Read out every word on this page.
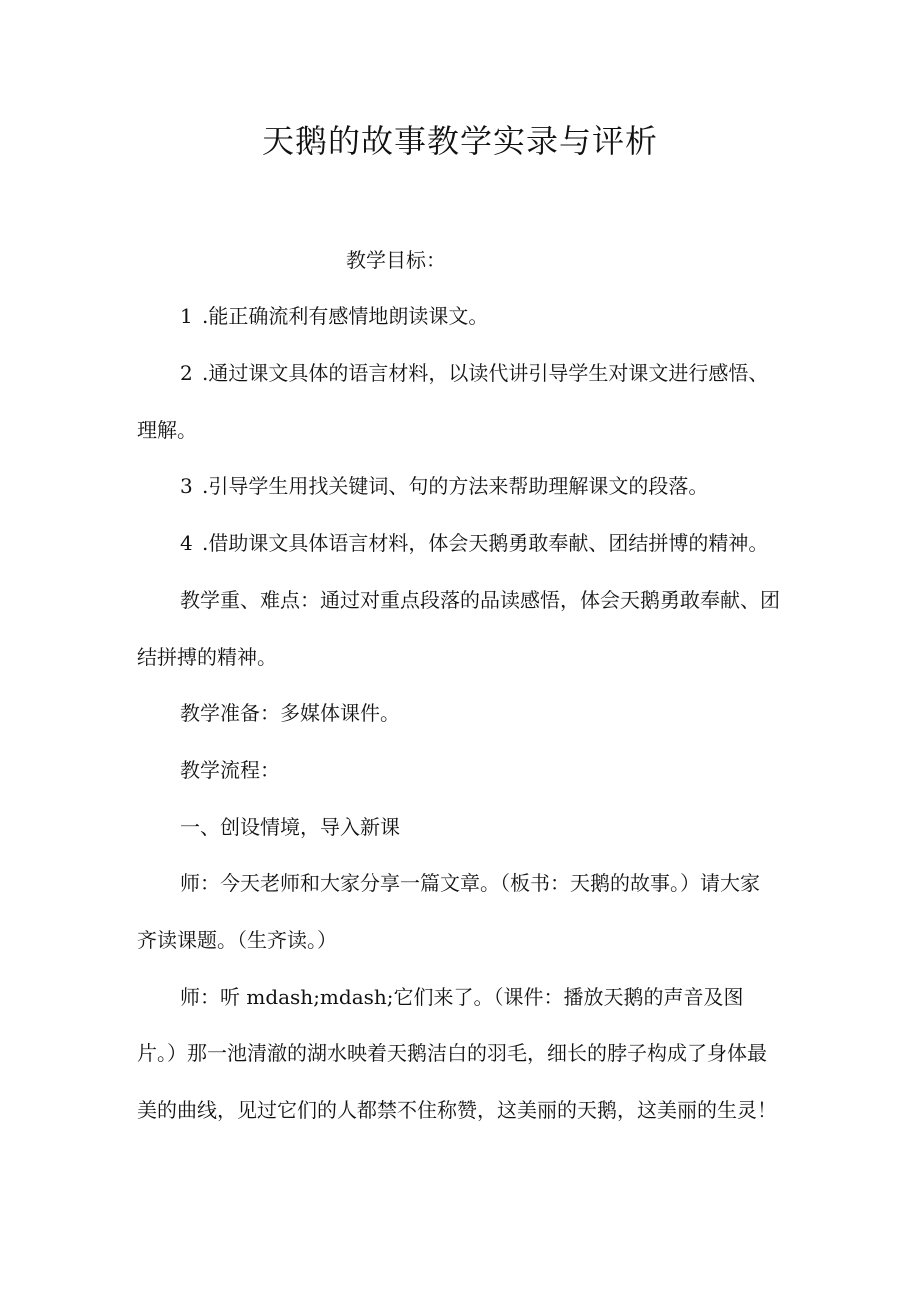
天鹅的故事教学实录与评析

教学目标：

1 .能正确流利有感情地朗读课文。

2 .通过课文具体的语言材料，以读代讲引导学生对课文进行感悟、

理解。

3 .引导学生用找关键词、句的方法来帮助理解课文的段落。

4 .借助课文具体语言材料，体会天鹅勇敢奉献、团结拼博的精神。

教学重、难点：通过对重点段落的品读感悟，体会天鹅勇敢奉献、团

结拼搏的精神。

教学准备：多媒体课件。

教学流程：

一、创设情境，导入新课

师：今天老师和大家分享一篇文章。（板书：天鹅的故事。）请大家

齐读课题。（生齐读。）

师：听 mdash;mdash;它们来了。（课件：播放天鹅的声音及图

片。）那一池清澈的湖水映着天鹅洁白的羽毛，细长的脖子构成了身体最

美的曲线，见过它们的人都禁不住称赞，这美丽的天鹅，这美丽的生灵！
